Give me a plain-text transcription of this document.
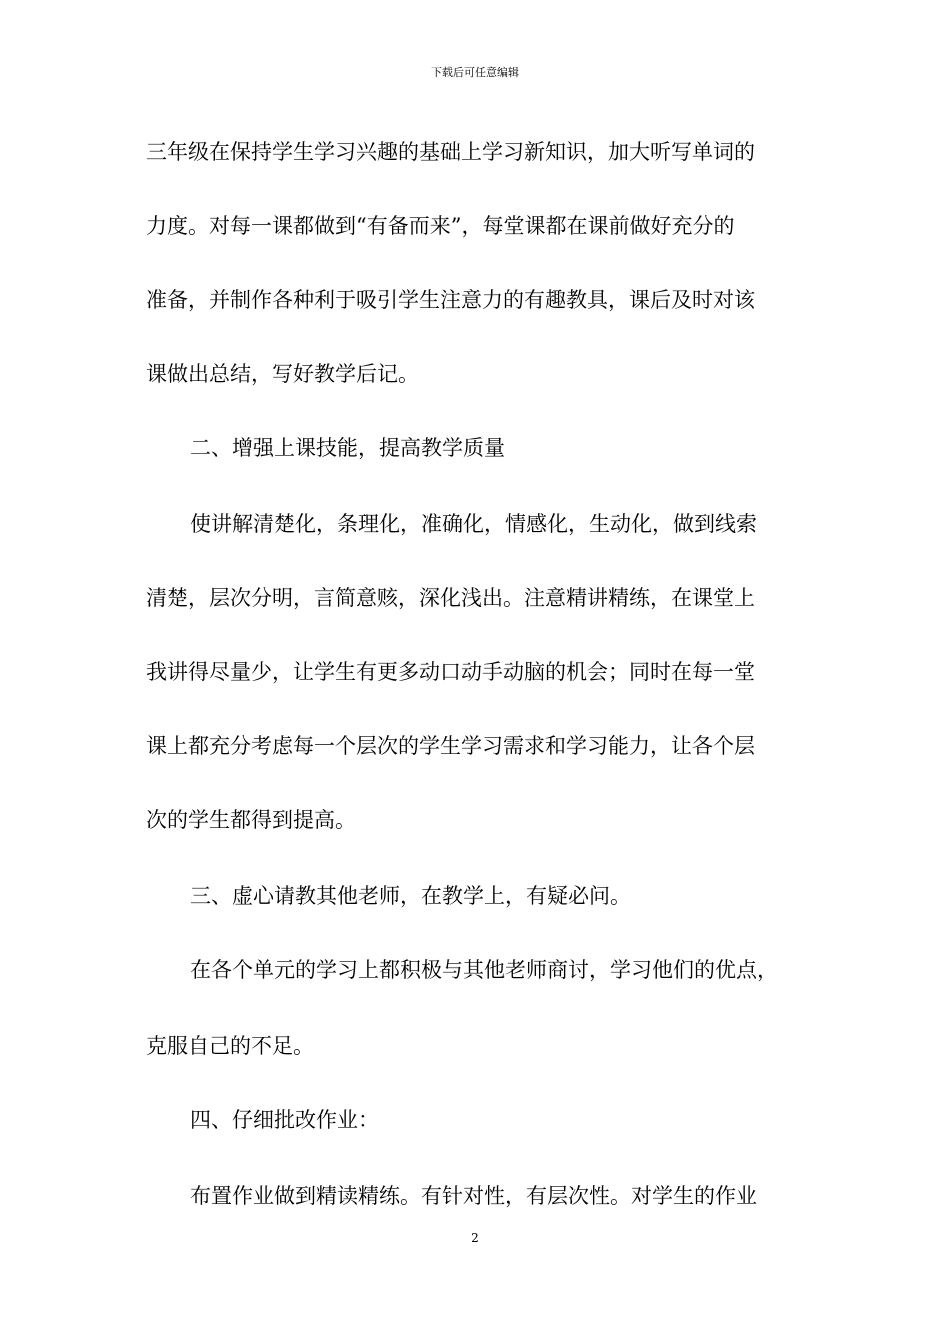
下载后可任意编辑
三年级在保持学生学习兴趣的基础上学习新知识，加大听写单词的
力度。对每一课都做到“有备而来”，每堂课都在课前做好充分的
准备，并制作各种利于吸引学生注意力的有趣教具，课后及时对该
课做出总结，写好教学后记。
二、增强上课技能，提高教学质量
使讲解清楚化，条理化，准确化，情感化，生动化，做到线索
清楚，层次分明，言简意赅，深化浅出。注意精讲精练，在课堂上
我讲得尽量少，让学生有更多动口动手动脑的机会；同时在每一堂
课上都充分考虑每一个层次的学生学习需求和学习能力，让各个层
次的学生都得到提高。
三、虚心请教其他老师，在教学上，有疑必问。
在各个单元的学习上都积极与其他老师商讨，学习他们的优点，
克服自己的不足。
四、仔细批改作业：
布置作业做到精读精练。有针对性，有层次性。对学生的作业
2
